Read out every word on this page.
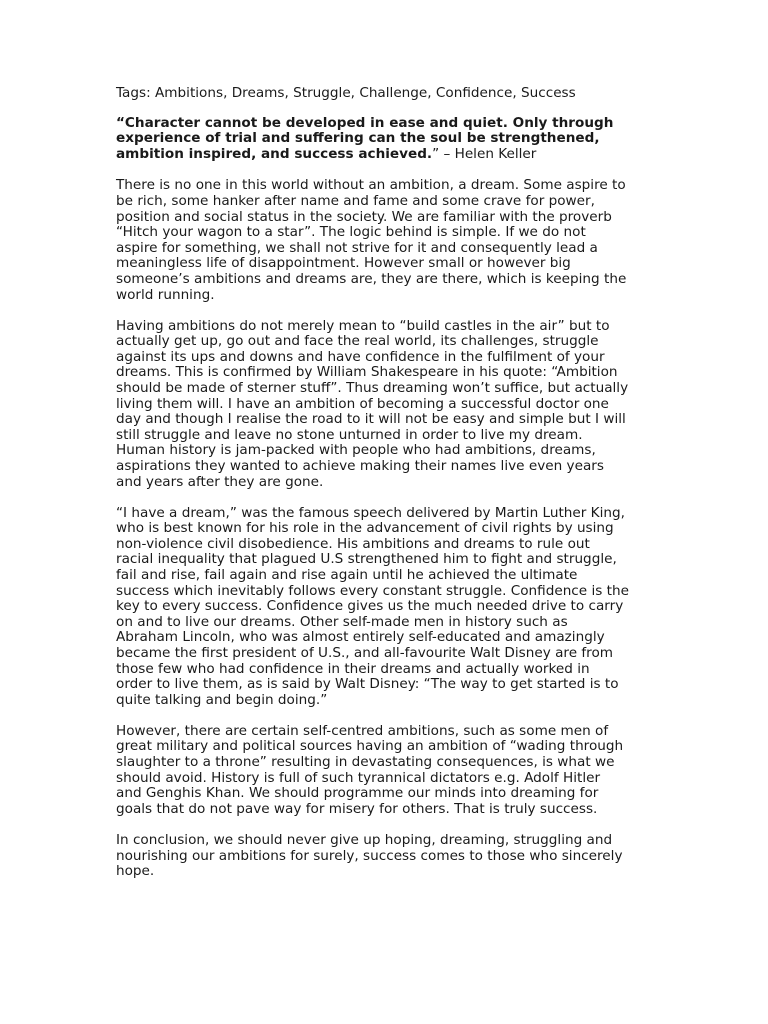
Tags: Ambitions, Dreams, Struggle, Challenge, Confidence, Success
“Character cannot be developed in ease and quiet. Only through
experience of trial and suffering can the soul be strengthened,
ambition inspired, and success achieved.” – Helen Keller
There is no one in this world without an ambition, a dream. Some aspire to
be rich, some hanker after name and fame and some crave for power,
position and social status in the society. We are familiar with the proverb
“Hitch your wagon to a star”. The logic behind is simple. If we do not
aspire for something, we shall not strive for it and consequently lead a
meaningless life of disappointment. However small or however big
someone’s ambitions and dreams are, they are there, which is keeping the
world running.
Having ambitions do not merely mean to “build castles in the air” but to
actually get up, go out and face the real world, its challenges, struggle
against its ups and downs and have confidence in the fulfilment of your
dreams. This is confirmed by William Shakespeare in his quote: “Ambition
should be made of sterner stuff”. Thus dreaming won’t suffice, but actually
living them will. I have an ambition of becoming a successful doctor one
day and though I realise the road to it will not be easy and simple but I will
still struggle and leave no stone unturned in order to live my dream.
Human history is jam-packed with people who had ambitions, dreams,
aspirations they wanted to achieve making their names live even years
and years after they are gone.
“I have a dream,” was the famous speech delivered by Martin Luther King,
who is best known for his role in the advancement of civil rights by using
non-violence civil disobedience. His ambitions and dreams to rule out
racial inequality that plagued U.S strengthened him to fight and struggle,
fail and rise, fail again and rise again until he achieved the ultimate
success which inevitably follows every constant struggle. Confidence is the
key to every success. Confidence gives us the much needed drive to carry
on and to live our dreams. Other self-made men in history such as
Abraham Lincoln, who was almost entirely self-educated and amazingly
became the first president of U.S., and all-favourite Walt Disney are from
those few who had confidence in their dreams and actually worked in
order to live them, as is said by Walt Disney: “The way to get started is to
quite talking and begin doing.”
However, there are certain self-centred ambitions, such as some men of
great military and political sources having an ambition of “wading through
slaughter to a throne” resulting in devastating consequences, is what we
should avoid. History is full of such tyrannical dictators e.g. Adolf Hitler
and Genghis Khan. We should programme our minds into dreaming for
goals that do not pave way for misery for others. That is truly success.
In conclusion, we should never give up hoping, dreaming, struggling and
nourishing our ambitions for surely, success comes to those who sincerely
hope.
